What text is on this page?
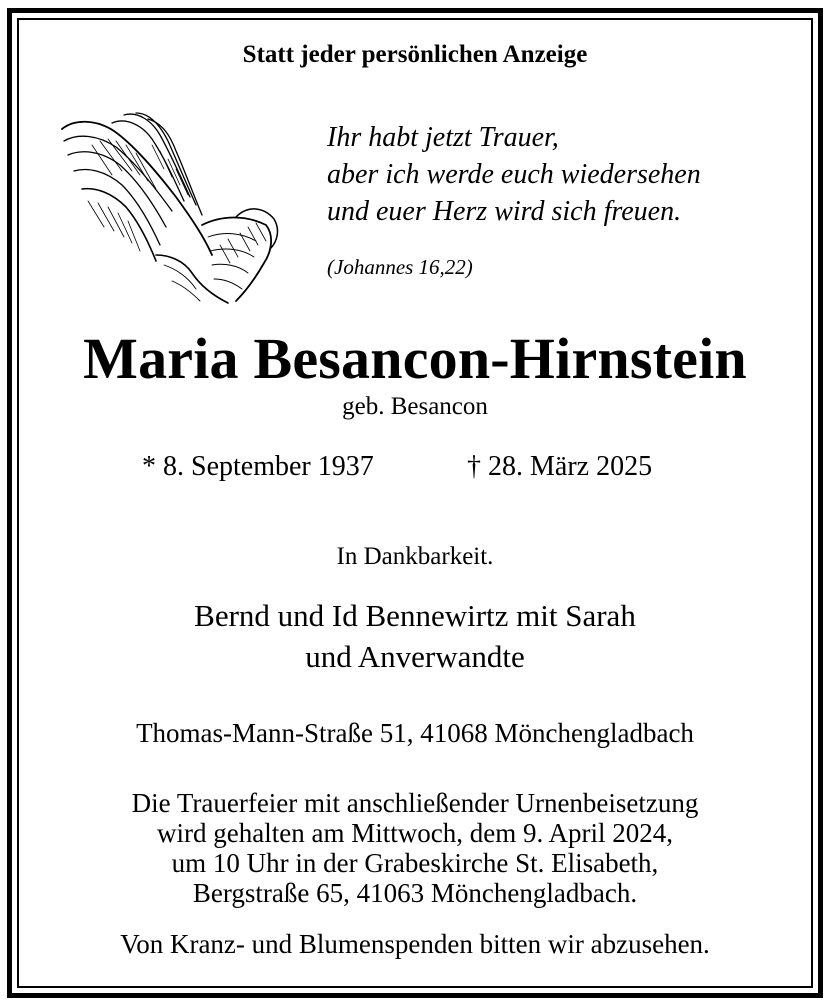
Statt jeder persönlichen Anzeige
Ihr habt jetzt Trauer,
aber ich werde euch wiedersehen
und euer Herz wird sich freuen.
(Johannes 16,22)
Maria Besancon-Hirnstein
geb. Besancon
* 8. September 1937	† 28. März 2025
In Dankbarkeit.
Bernd und Id Bennewirtz mit Sarah
und Anverwandte
Thomas-Mann-Straße 51, 41068 Mönchengladbach
Die Trauerfeier mit anschließender Urnenbeisetzung
wird gehalten am Mittwoch, dem 9. April 2024,
um 10 Uhr in der Grabeskirche St. Elisabeth,
Bergstraße 65, 41063 Mönchengladbach.
Von Kranz- und Blumenspenden bitten wir abzusehen.
